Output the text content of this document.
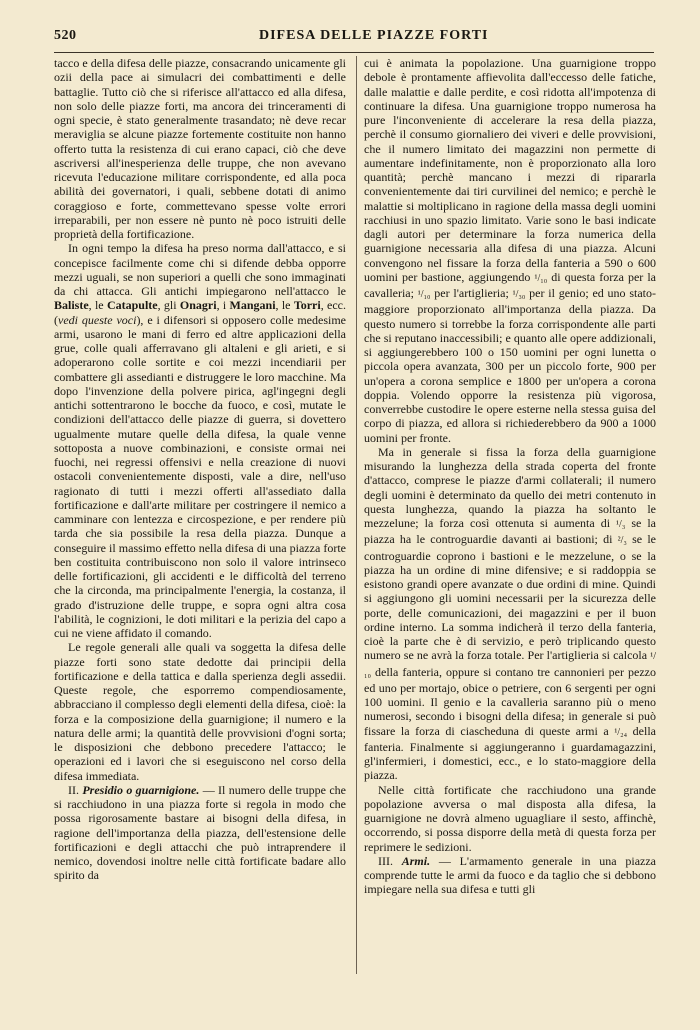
520	DIFESA DELLE PIAZZE FORTI

tacco e della difesa delle piazze, consacrando unicamente gli ozii della pace ai simulacri dei combattimenti e delle battaglie. Tutto ciò che si riferisce all'attacco ed alla difesa, non solo delle piazze forti, ma ancora dei trinceramenti di ogni specie, è stato generalmente trasandato; nè deve recar meraviglia se alcune piazze fortemente costituite non hanno offerto tutta la resistenza di cui erano capaci, ciò che deve ascriversi all'inesperienza delle truppe, che non avevano ricevuta l'educazione militare corrispondente, ed alla poca abilità dei governatori, i quali, sebbene dotati di animo coraggioso e forte, commettevano spesse volte errori irreparabili, per non essere nè punto nè poco istruiti delle proprietà della fortificazione.

In ogni tempo la difesa ha preso norma dall'attacco, e si concepisce facilmente come chi si difende debba opporre mezzi uguali, se non superiori a quelli che sono immaginati da chi attacca. Gli antichi impiegarono nell'attacco le Baliste, le Catapulte, gli Onagri, i Mangani, le Torri, ecc. (vedi queste voci), e i difensori si opposero colle medesime armi, usarono le mani di ferro ed altre applicazioni della grue, colle quali afferravano gli altaleni e gli arieti, e si adoperarono colle sortite e coi mezzi incendiarii per combattere gli assedianti e distruggere le loro macchine. Ma dopo l'invenzione della polvere pirica, agl'ingegni degli antichi sottentrarono le bocche da fuoco, e così, mutate le condizioni dell'attacco delle piazze di guerra, si dovettero ugualmente mutare quelle della difesa, la quale venne sottoposta a nuove combinazioni, e consiste ormai nei fuochi, nei regressi offensivi e nella creazione di nuovi ostacoli convenientemente disposti, vale a dire, nell'uso ragionato di tutti i mezzi offerti all'assediato dalla fortificazione e dall'arte militare per costringere il nemico a camminare con lentezza e circospezione, e per rendere più tarda che sia possibile la resa della piazza. Dunque a conseguire il massimo effetto nella difesa di una piazza forte ben costituita contribuiscono non solo il valore intrinseco delle fortificazioni, gli accidenti e le difficoltà del terreno che la circonda, ma principalmente l'energia, la costanza, il grado d'istruzione delle truppe, e sopra ogni altra cosa l'abilità, le cognizioni, le doti militari e la perizia del capo a cui ne viene affidato il comando.

Le regole generali alle quali va soggetta la difesa delle piazze forti sono state dedotte dai principii della fortificazione e della tattica e dalla sperienza degli assedii. Queste regole, che esporremo compendiosamente, abbracciano il complesso degli elementi della difesa, cioè: la forza e la composizione della guarnigione; il numero e la natura delle armi; la quantità delle provvisioni d'ogni sorta; le disposizioni che debbono precedere l'attacco; le operazioni ed i lavori che si eseguiscono nel corso della difesa immediata.

II. Presidio o guarnigione. — Il numero delle truppe che si racchiudono in una piazza forte si regola in modo che possa rigorosamente bastare ai bisogni della difesa, in ragione dell'importanza della piazza, dell'estensione delle fortificazioni e degli attacchi che può intraprendere il nemico, dovendosi inoltre nelle città fortificate badare allo spirito da

cui è animata la popolazione. Una guarnigione troppo debole è prontamente affievolita dall'eccesso delle fatiche, dalle malattie e dalle perdite, e così ridotta all'impotenza di continuare la difesa. Una guarnigione troppo numerosa ha pure l'inconveniente di accelerare la resa della piazza, perchè il consumo giornaliero dei viveri e delle provvisioni, che il numero limitato dei magazzini non permette di aumentare indefinitamente, non è proporzionato alla loro quantità; perchè mancano i mezzi di ripararla convenientemente dai tiri curvilinei del nemico; e perchè le malattie si moltiplicano in ragione della massa degli uomini racchiusi in uno spazio limitato. Varie sono le basi indicate dagli autori per determinare la forza numerica della guarnigione necessaria alla difesa di una piazza. Alcuni convengono nel fissare la forza della fanteria a 590 o 600 uomini per bastione, aggiungendo ¹/₁₀ di questa forza per la cavalleria; ¹/₁₀ per l'artiglieria; ¹/₃₀ per il genio; ed uno stato-maggiore proporzionato all'importanza della piazza. Da questo numero si torrebbe la forza corrispondente alle parti che si reputano inaccessibili; e quanto alle opere addizionali, si aggiungerebbero 100 o 150 uomini per ogni lunetta o piccola opera avanzata, 300 per un piccolo forte, 900 per un'opera a corona semplice e 1800 per un'opera a corona doppia. Volendo opporre la resistenza più vigorosa, converrebbe custodire le opere esterne nella stessa guisa del corpo di piazza, ed allora si richiederebbero da 900 a 1000 uomini per fronte.

Ma in generale si fissa la forza della guarnigione misurando la lunghezza della strada coperta del fronte d'attacco, comprese le piazze d'armi collaterali; il numero degli uomini è determinato da quello dei metri contenuto in questa lunghezza, quando la piazza ha soltanto le mezzelune; la forza così ottenuta si aumenta di ¹/₃ se la piazza ha le controguardie davanti ai bastioni; di ²/₃ se le controguardie coprono i bastioni e le mezzelune, o se la piazza ha un ordine di mine difensive; e si raddoppia se esistono grandi opere avanzate o due ordini di mine. Quindi si aggiungono gli uomini necessarii per la sicurezza delle porte, delle comunicazioni, dei magazzini e per il buon ordine interno. La somma indicherà il terzo della fanteria, cioè la parte che è di servizio, e però triplicando questo numero se ne avrà la forza totale. Per l'artiglieria si calcola ¹/₁₀ della fanteria, oppure si contano tre cannonieri per pezzo ed uno per mortajo, obice o petriere, con 6 sergenti per ogni 100 uomini. Il genio e la cavalleria saranno più o meno numerosi, secondo i bisogni della difesa; in generale si può fissare la forza di ciascheduna di queste armi a ¹/₂₄ della fanteria. Finalmente si aggiungeranno i guardamagazzini, gl'infermieri, i domestici, ecc., e lo stato-maggiore della piazza.

Nelle città fortificate che racchiudono una grande popolazione avversa o mal disposta alla difesa, la guarnigione ne dovrà almeno uguagliare il sesto, affinchè, occorrendo, si possa disporre della metà di questa forza per reprimere le sedizioni.

III. Armi. — L'armamento generale in una piazza comprende tutte le armi da fuoco e da taglio che si debbono impiegare nella sua difesa e tutti gli
